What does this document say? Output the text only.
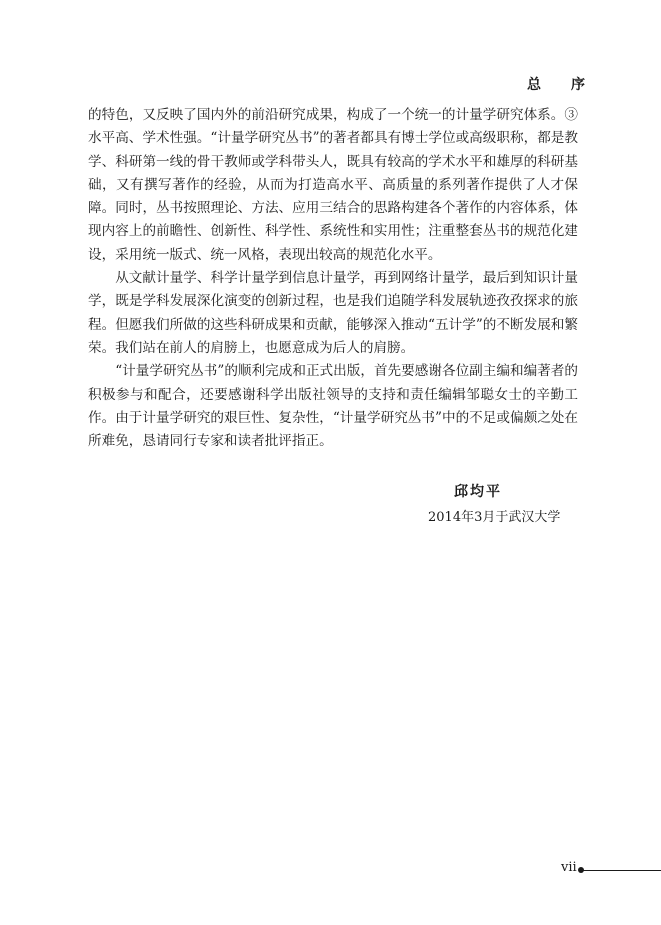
总序

的特色，又反映了国内外的前沿研究成果，构成了一个统一的计量学研究体系。③水平高、学术性强。“计量学研究丛书”的著者都具有博士学位或高级职称，都是教学、科研第一线的骨干教师或学科带头人，既具有较高的学术水平和雄厚的科研基础，又有撰写著作的经验，从而为打造高水平、高质量的系列著作提供了人才保障。同时，丛书按照理论、方法、应用三结合的思路构建各个著作的内容体系，体现内容上的前瞻性、创新性、科学性、系统性和实用性；注重整套丛书的规范化建设，采用统一版式、统一风格，表现出较高的规范化水平。

从文献计量学、科学计量学到信息计量学，再到网络计量学，最后到知识计量学，既是学科发展深化演变的创新过程，也是我们追随学科发展轨迹孜孜探求的旅程。但愿我们所做的这些科研成果和贡献，能够深入推动“五计学”的不断发展和繁荣。我们站在前人的肩膀上，也愿意成为后人的肩膀。

“计量学研究丛书”的顺利完成和正式出版，首先要感谢各位副主编和编著者的积极参与和配合，还要感谢科学出版社领导的支持和责任编辑邹聪女士的辛勤工作。由于计量学研究的艰巨性、复杂性，“计量学研究丛书”中的不足或偏颇之处在所难免，恳请同行专家和读者批评指正。

邱均平
2014年3月于武汉大学
vii
